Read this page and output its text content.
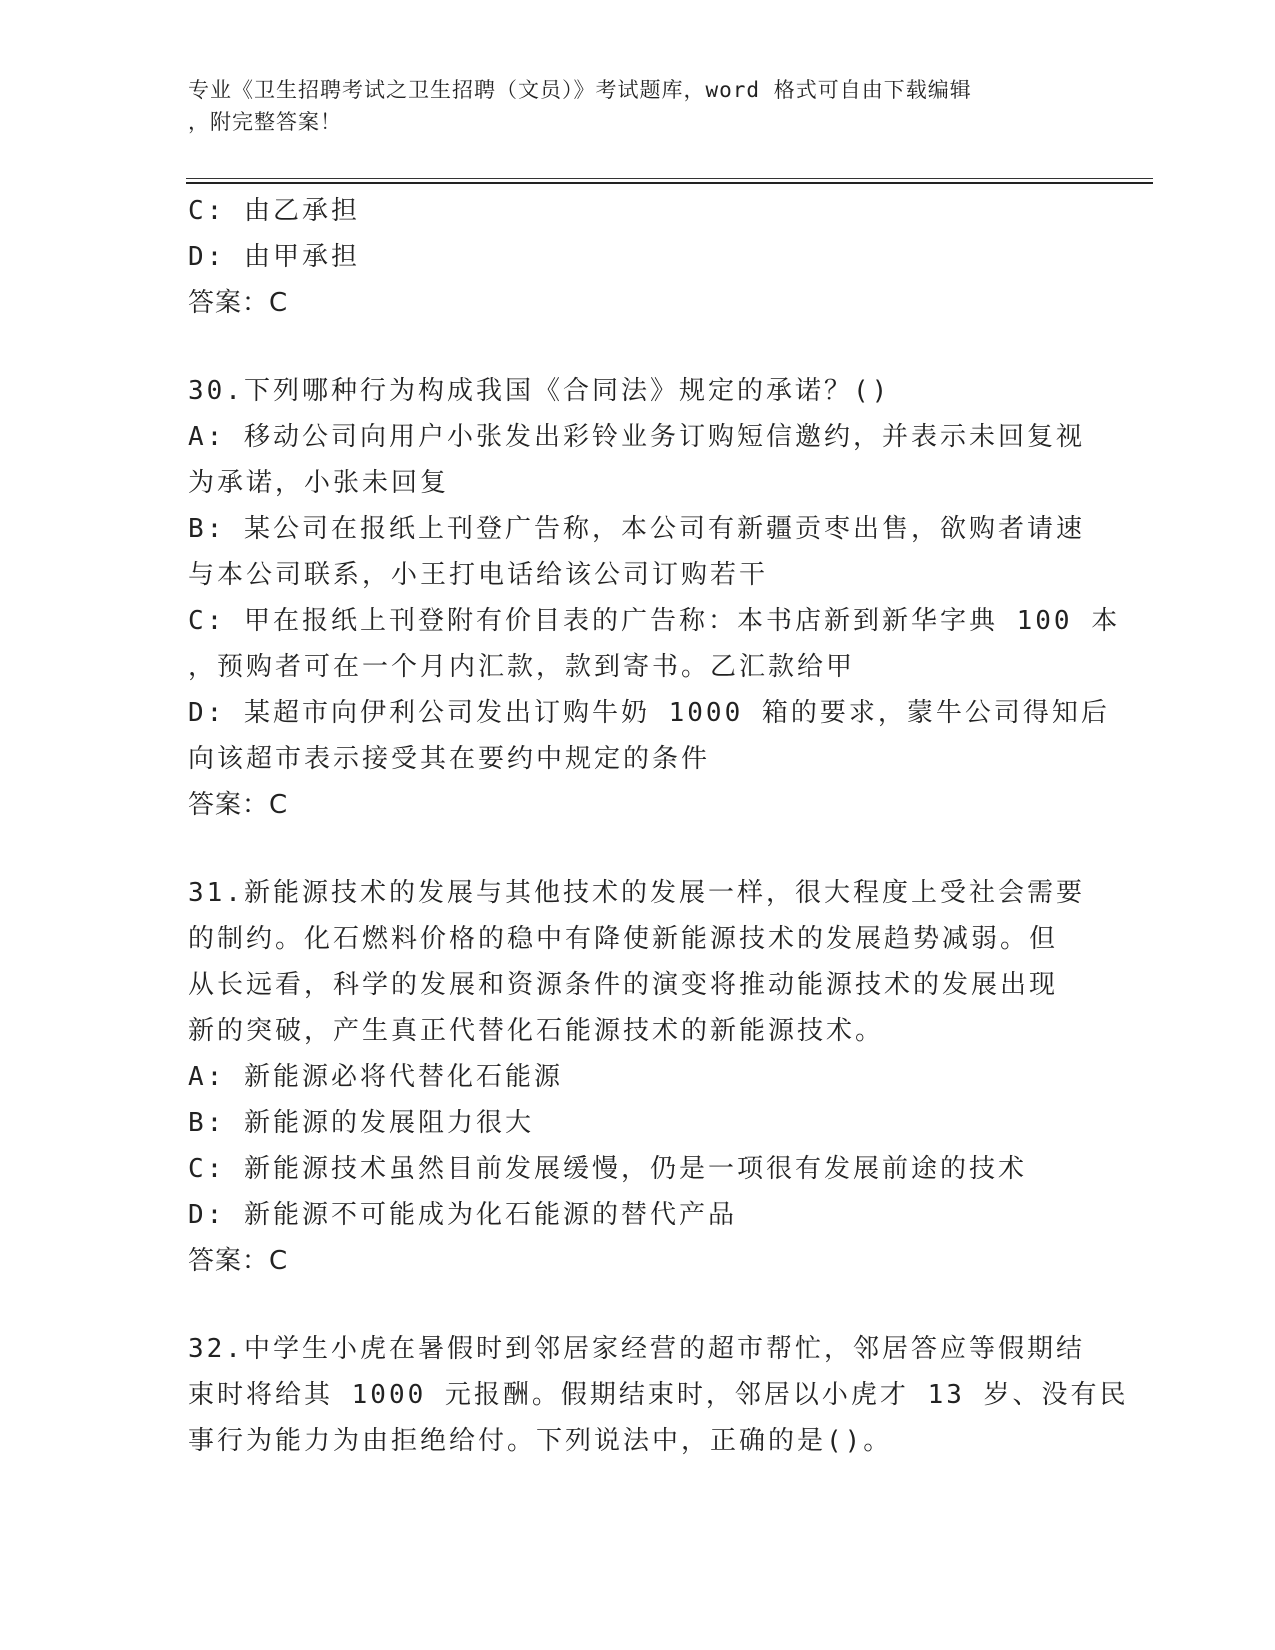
专业《卫生招聘考试之卫生招聘（文员）》考试题库，word 格式可自由下载编辑
，附完整答案！
C: 由乙承担
D: 由甲承担
答案：C
30.下列哪种行为构成我国《合同法》规定的承诺？()
A: 移动公司向用户小张发出彩铃业务订购短信邀约，并表示未回复视
为承诺，小张未回复
B: 某公司在报纸上刊登广告称，本公司有新疆贡枣出售，欲购者请速
与本公司联系，小王打电话给该公司订购若干
C: 甲在报纸上刊登附有价目表的广告称：本书店新到新华字典 100 本
，预购者可在一个月内汇款，款到寄书。乙汇款给甲
D: 某超市向伊利公司发出订购牛奶 1000 箱的要求，蒙牛公司得知后
向该超市表示接受其在要约中规定的条件
答案：C
31.新能源技术的发展与其他技术的发展一样，很大程度上受社会需要
的制约。化石燃料价格的稳中有降使新能源技术的发展趋势减弱。但
从长远看，科学的发展和资源条件的演变将推动能源技术的发展出现
新的突破，产生真正代替化石能源技术的新能源技术。
A: 新能源必将代替化石能源
B: 新能源的发展阻力很大
C: 新能源技术虽然目前发展缓慢，仍是一项很有发展前途的技术
D: 新能源不可能成为化石能源的替代产品
答案：C
32.中学生小虎在暑假时到邻居家经营的超市帮忙，邻居答应等假期结
束时将给其 1000 元报酬。假期结束时，邻居以小虎才 13 岁、没有民
事行为能力为由拒绝给付。下列说法中，正确的是()。
